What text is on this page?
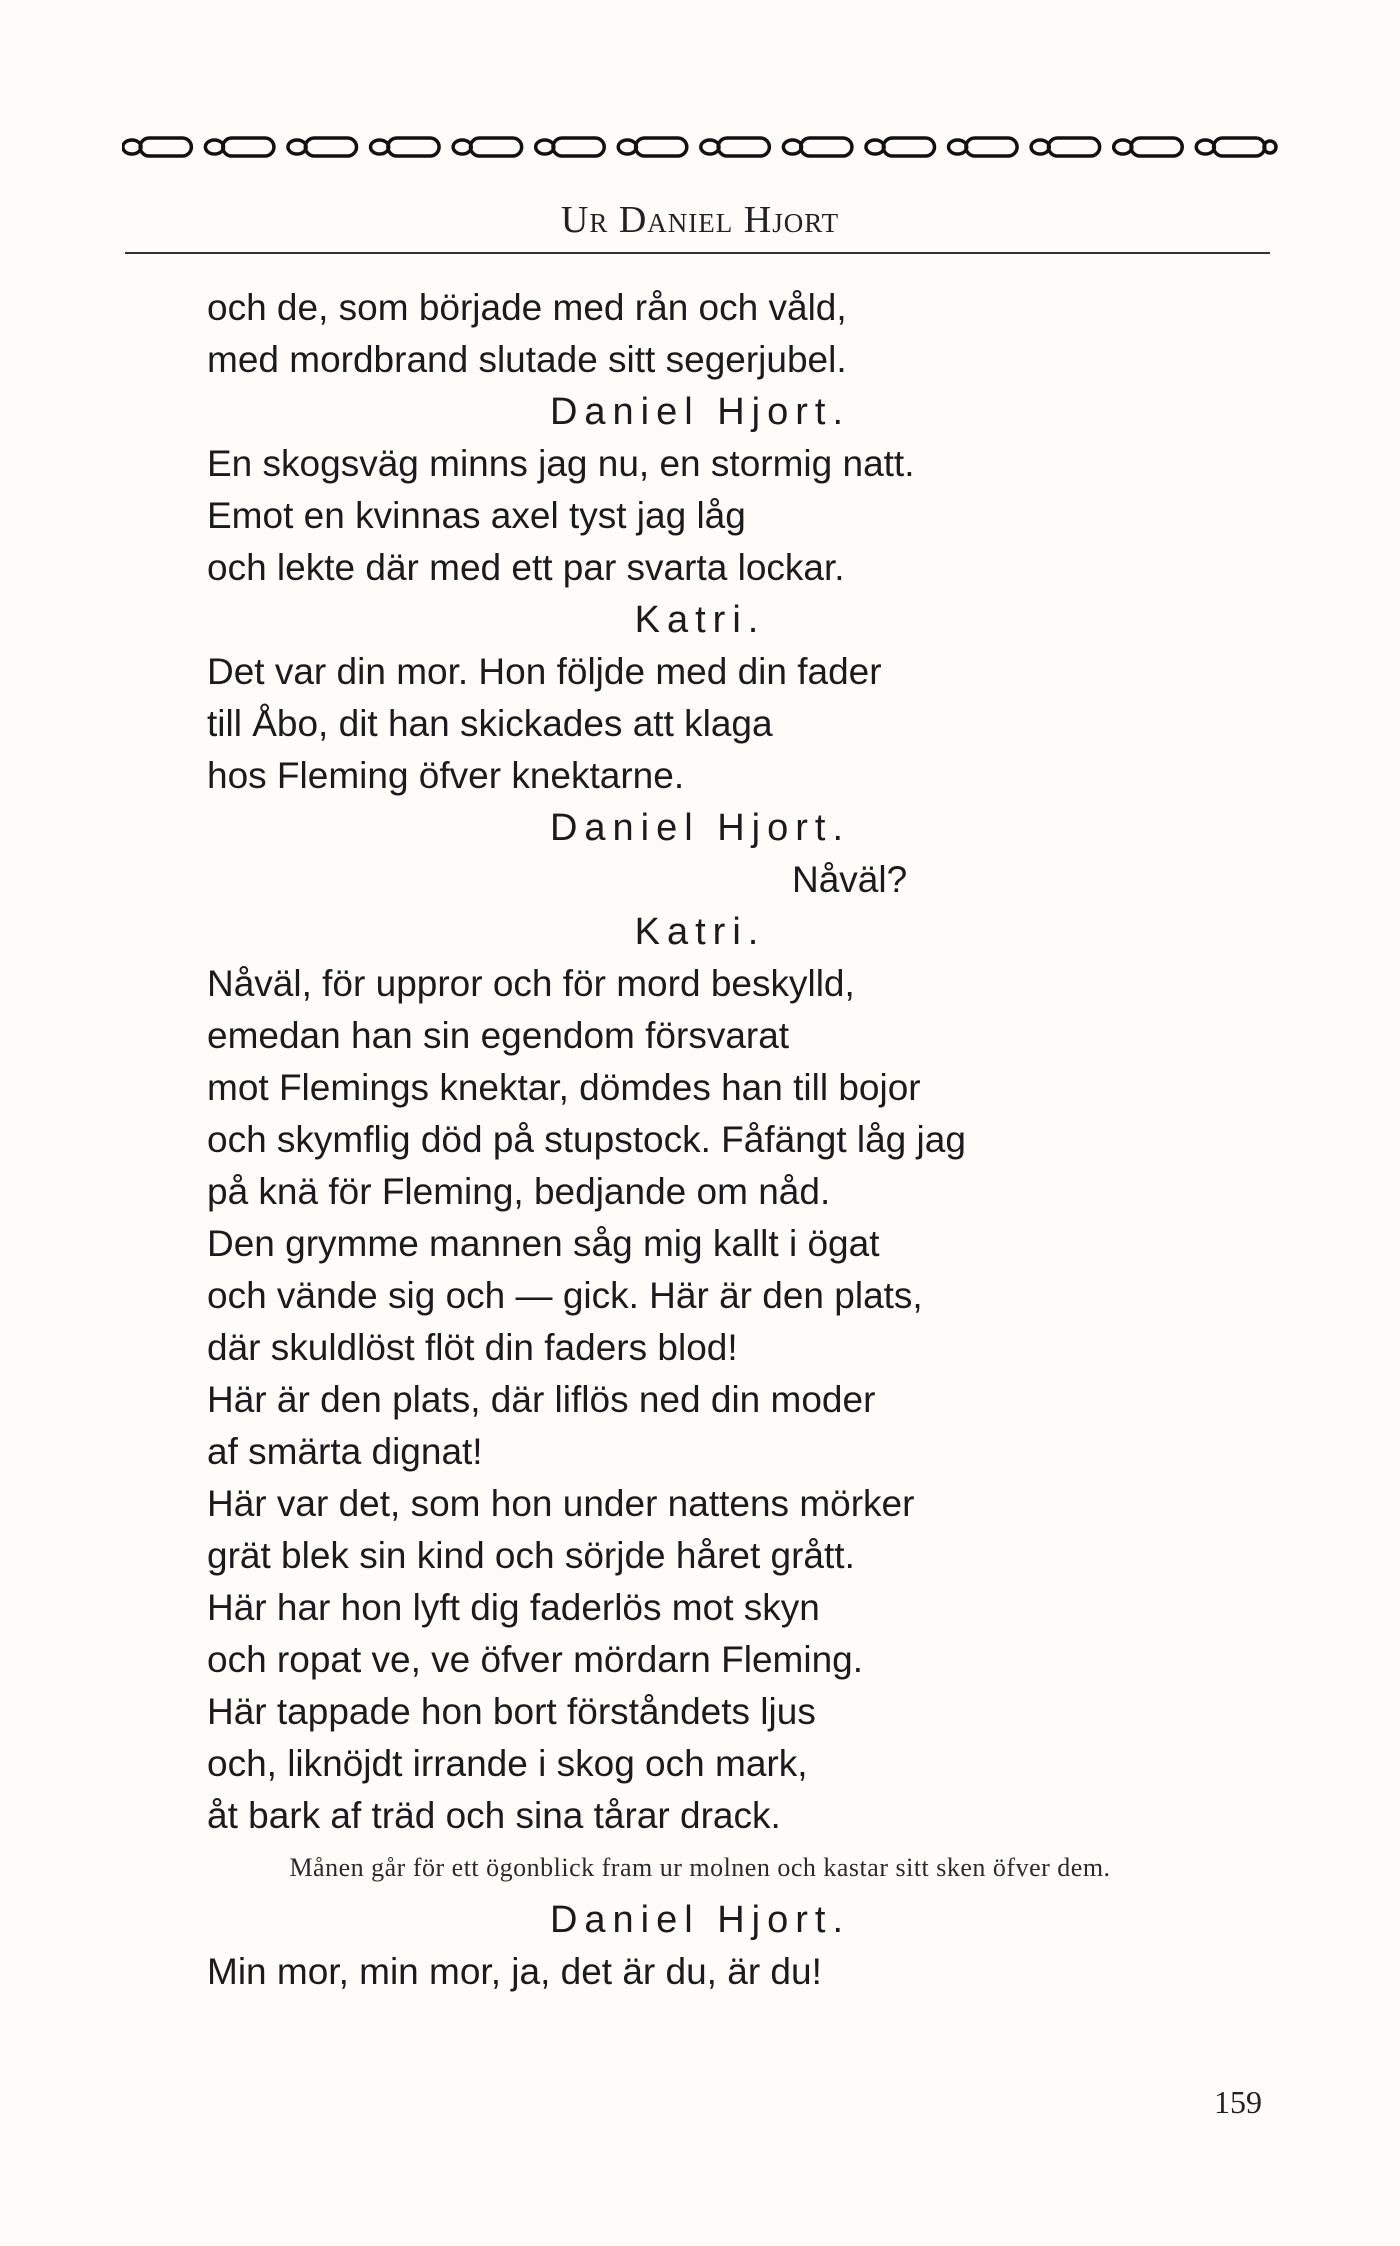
Ur Daniel Hjort
och de, som började med rån och våld,
med mordbrand slutade sitt segerjubel.
Daniel Hjort.
En skogsväg minns jag nu, en stormig natt.
Emot en kvinnas axel tyst jag låg
och lekte där med ett par svarta lockar.
Katri.
Det var din mor. Hon följde med din fader
till Åbo, dit han skickades att klaga
hos Fleming öfver knektarne.
Daniel Hjort.
Nåväl?
Katri.
Nåväl, för uppror och för mord beskylld,
emedan han sin egendom försvarat
mot Flemings knektar, dömdes han till bojor
och skymflig död på stupstock. Fåfängt låg jag
på knä för Fleming, bedjande om nåd.
Den grymme mannen såg mig kallt i ögat
och vände sig och — gick. Här är den plats,
där skuldlöst flöt din faders blod!
Här är den plats, där liflös ned din moder
af smärta dignat!
Här var det, som hon under nattens mörker
grät blek sin kind och sörjde håret grått.
Här har hon lyft dig faderlös mot skyn
och ropat ve, ve öfver mördarn Fleming.
Här tappade hon bort förståndets ljus
och, liknöjdt irrande i skog och mark,
åt bark af träd och sina tårar drack.
Månen går för ett ögonblick fram ur molnen och kastar sitt sken öfver dem.
Daniel Hjort.
Min mor, min mor, ja, det är du, är du!
159
